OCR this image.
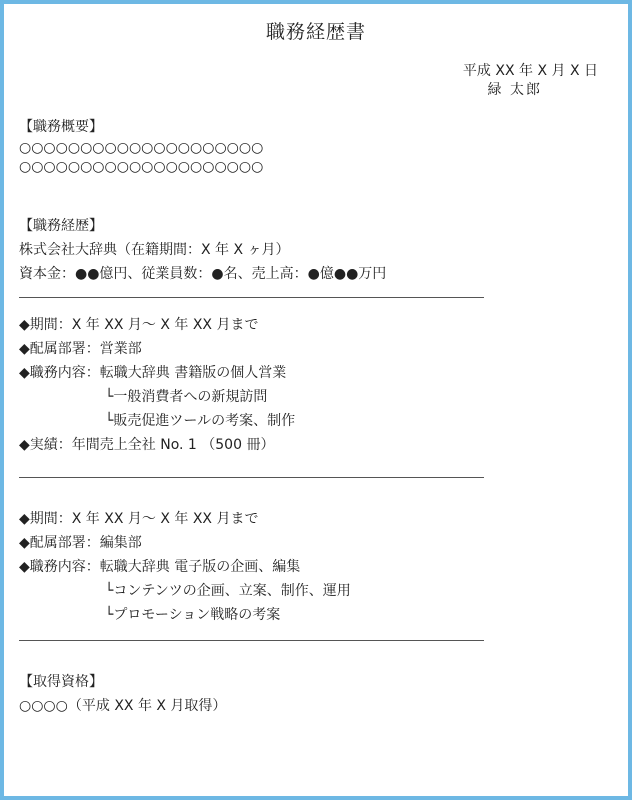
職務経歴書
平成 XX 年 X 月 X 日

緑 太郎
【職務概要】
○○○○○○○○○○○○○○○○○○○○
○○○○○○○○○○○○○○○○○○○○
【職務経歴】
株式会社大辞典（在籍期間：X 年 X ヶ月）
資本金：●●億円、従業員数：●名、売上高：●億●●万円
◆期間：X 年 XX 月～ X 年 XX 月まで
◆配属部署：営業部
◆職務内容：転職大辞典 書籍版の個人営業
└一般消費者への新規訪問
└販売促進ツールの考案、制作
◆実績：年間売上全社 No. 1 （500 冊）
◆期間：X 年 XX 月～ X 年 XX 月まで
◆配属部署：編集部
◆職務内容：転職大辞典 電子版の企画、編集
└コンテンツの企画、立案、制作、運用
└プロモーション戦略の考案
【取得資格】
○○○○（平成 XX 年 X 月取得）
